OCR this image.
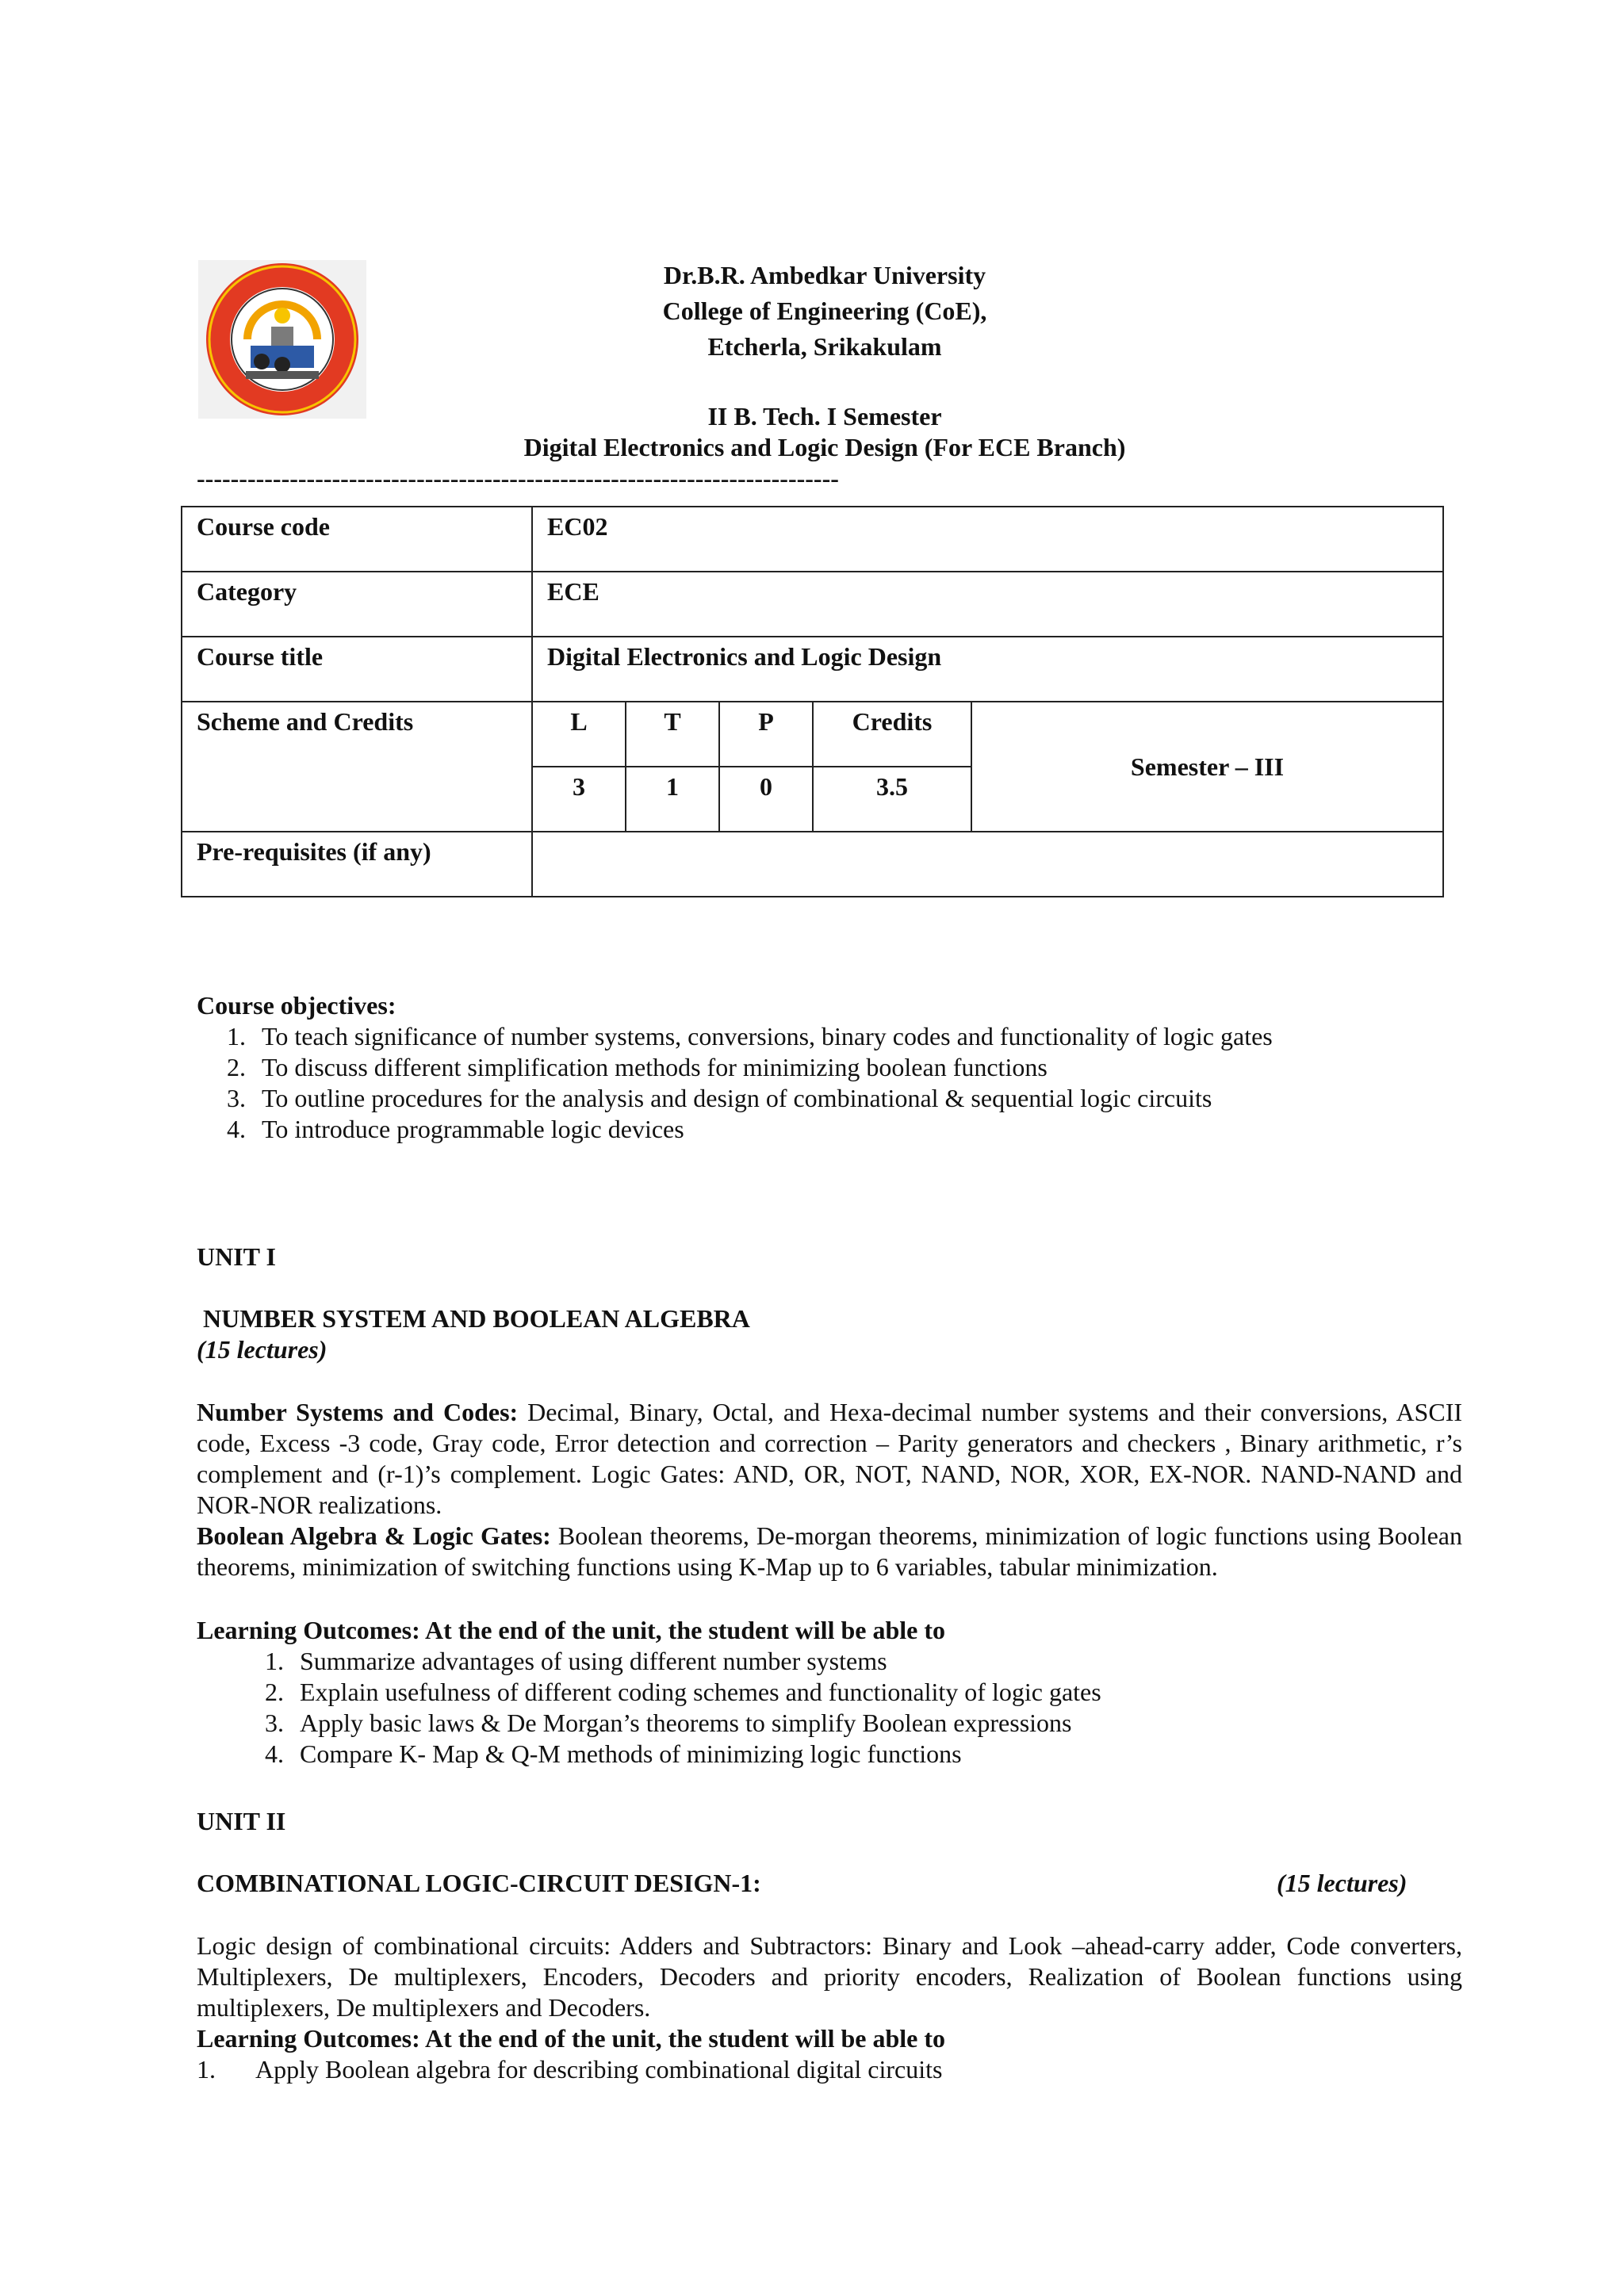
Dr.B.R. Ambedkar University
College of Engineering (CoE),
Etcherla, Srikakulam
II B. Tech. I Semester
Digital Electronics and Logic Design (For ECE Branch)
----------------------------------------------------------------------------
Course code	EC02				
Category	ECE				
Course title	Digital Electronics and Logic Design				
Scheme and Credits	L	T	P	Credits	Semester – III
	3	1	0	3.5	
Pre-requisites (if any)					
Course objectives:
1. To teach significance of number systems, conversions, binary codes and functionality of logic gates
2. To discuss different simplification methods for minimizing boolean functions
3. To outline procedures for the analysis and design of combinational & sequential logic circuits
4. To introduce programmable logic devices
UNIT I
NUMBER SYSTEM AND BOOLEAN ALGEBRA
(15 lectures)
Number Systems and Codes: Decimal, Binary, Octal, and Hexa-decimal number systems and their conversions, ASCII code, Excess -3 code, Gray code, Error detection and correction – Parity generators and checkers , Binary arithmetic, r’s complement and (r-1)’s complement. Logic Gates: AND, OR, NOT, NAND, NOR, XOR, EX-NOR. NAND-NAND and NOR-NOR realizations.
Boolean Algebra & Logic Gates: Boolean theorems, De-morgan theorems, minimization of logic functions using Boolean theorems, minimization of switching functions using K-Map up to 6 variables, tabular minimization.
Learning Outcomes: At the end of the unit, the student will be able to
1. Summarize advantages of using different number systems
2. Explain usefulness of different coding schemes and functionality of logic gates
3. Apply basic laws & De Morgan’s theorems to simplify Boolean expressions
4. Compare K- Map & Q-M methods of minimizing logic functions
UNIT II
COMBINATIONAL LOGIC-CIRCUIT DESIGN-1:	(15 lectures)
Logic design of combinational circuits: Adders and Subtractors: Binary and Look –ahead-carry adder, Code converters, Multiplexers, De multiplexers, Encoders, Decoders and priority encoders, Realization of Boolean functions using multiplexers, De multiplexers and Decoders.
Learning Outcomes: At the end of the unit, the student will be able to
1. Apply Boolean algebra for describing combinational digital circuits
